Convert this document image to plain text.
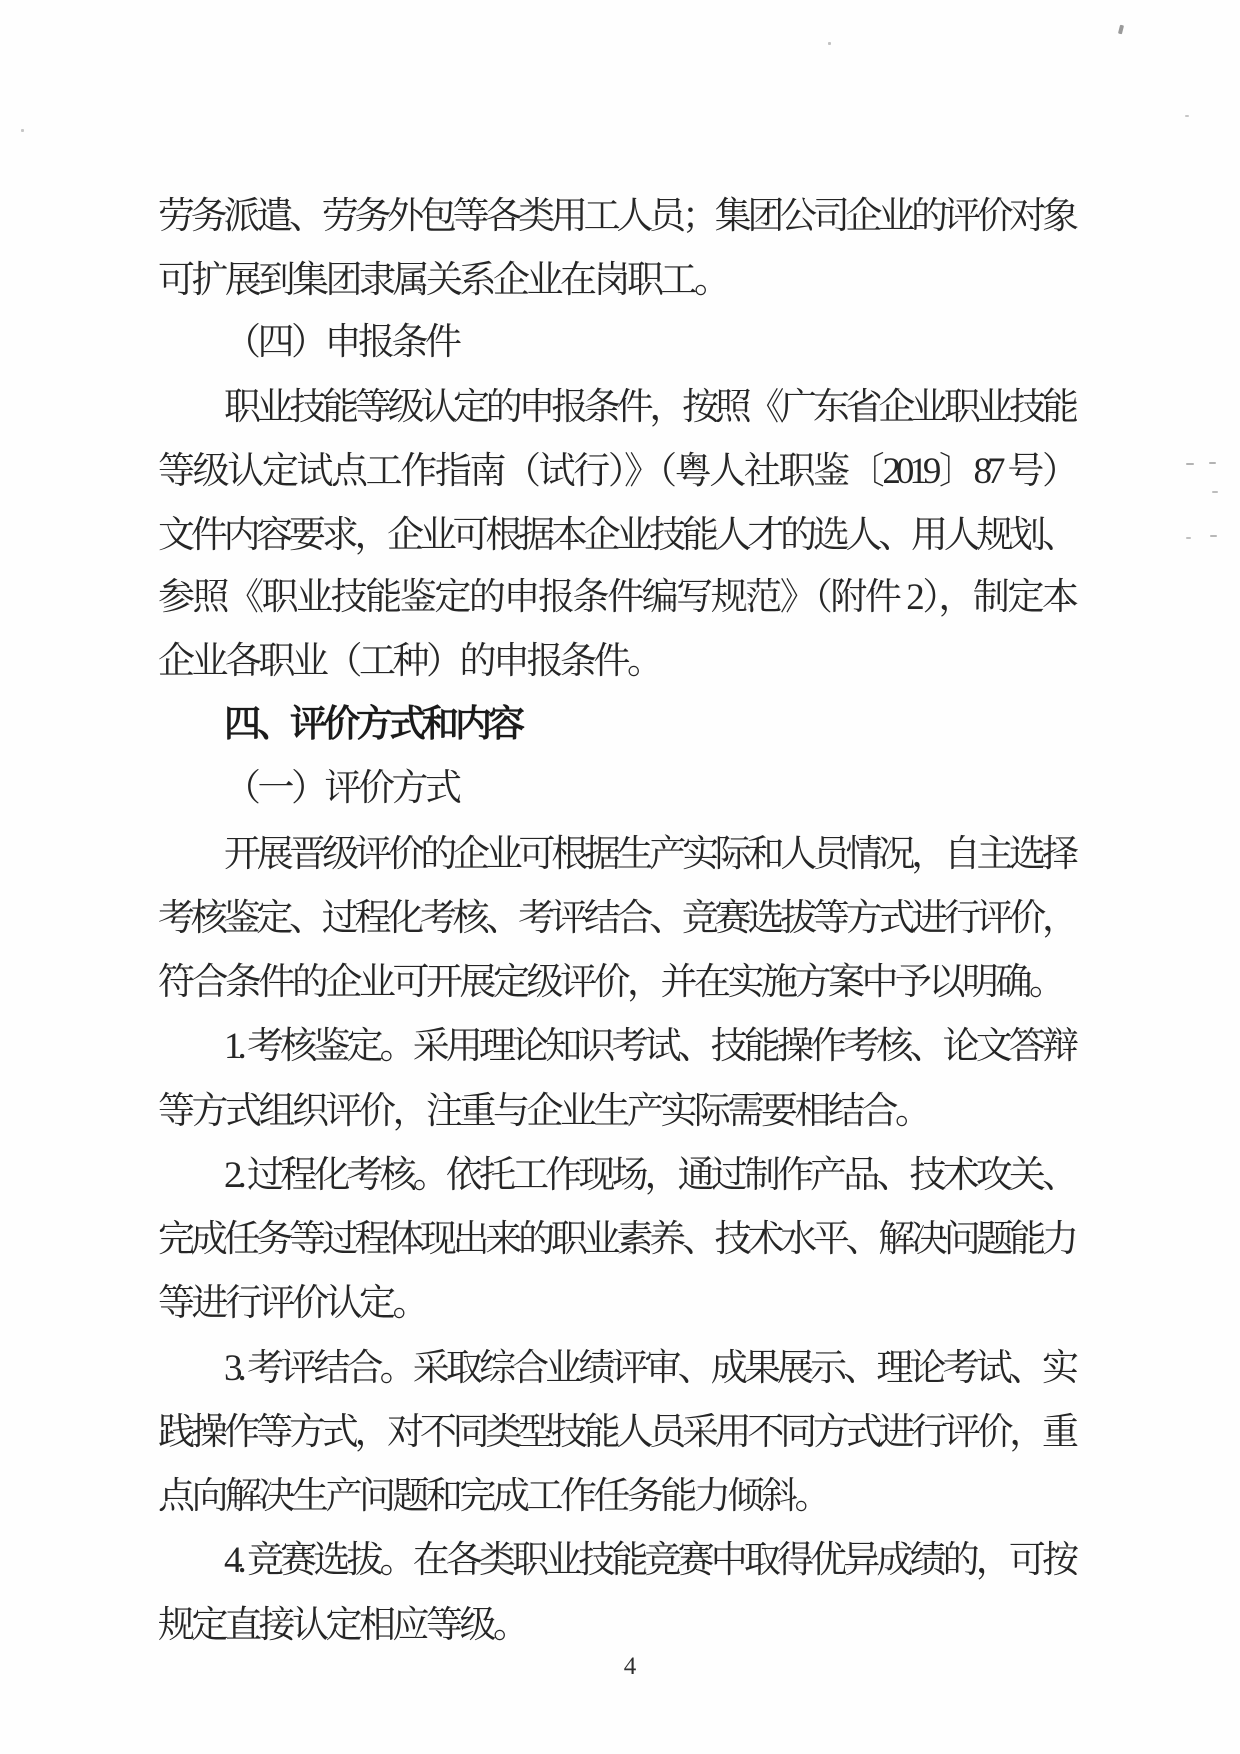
劳务派遣、劳务外包等各类用工人员；集团公司企业的评价对象
可扩展到集团隶属关系企业在岗职工。
（四）申报条件
职业技能等级认定的申报条件，按照《广东省企业职业技能
等级认定试点工作指南（试行）》（粤人社职鉴〔2019〕87 号）
文件内容要求，企业可根据本企业技能人才的选人、用人规划、
参照《职业技能鉴定的申报条件编写规范》（附件 2），制定本
企业各职业（工种）的申报条件。
四、评价方式和内容
（一）评价方式
开展晋级评价的企业可根据生产实际和人员情况，自主选择
考核鉴定、过程化考核、考评结合、竞赛选拔等方式进行评价，
符合条件的企业可开展定级评价，并在实施方案中予以明确。
1. 考核鉴定。采用理论知识考试、技能操作考核、论文答辩
等方式组织评价，注重与企业生产实际需要相结合。
2. 过程化考核。依托工作现场，通过制作产品、技术攻关、
完成任务等过程体现出来的职业素养、技术水平、解决问题能力
等进行评价认定。
3. 考评结合。采取综合业绩评审、成果展示、理论考试、实
践操作等方式，对不同类型技能人员采用不同方式进行评价，重
点向解决生产问题和完成工作任务能力倾斜。
4. 竞赛选拔。在各类职业技能竞赛中取得优异成绩的，可按
规定直接认定相应等级。
4
